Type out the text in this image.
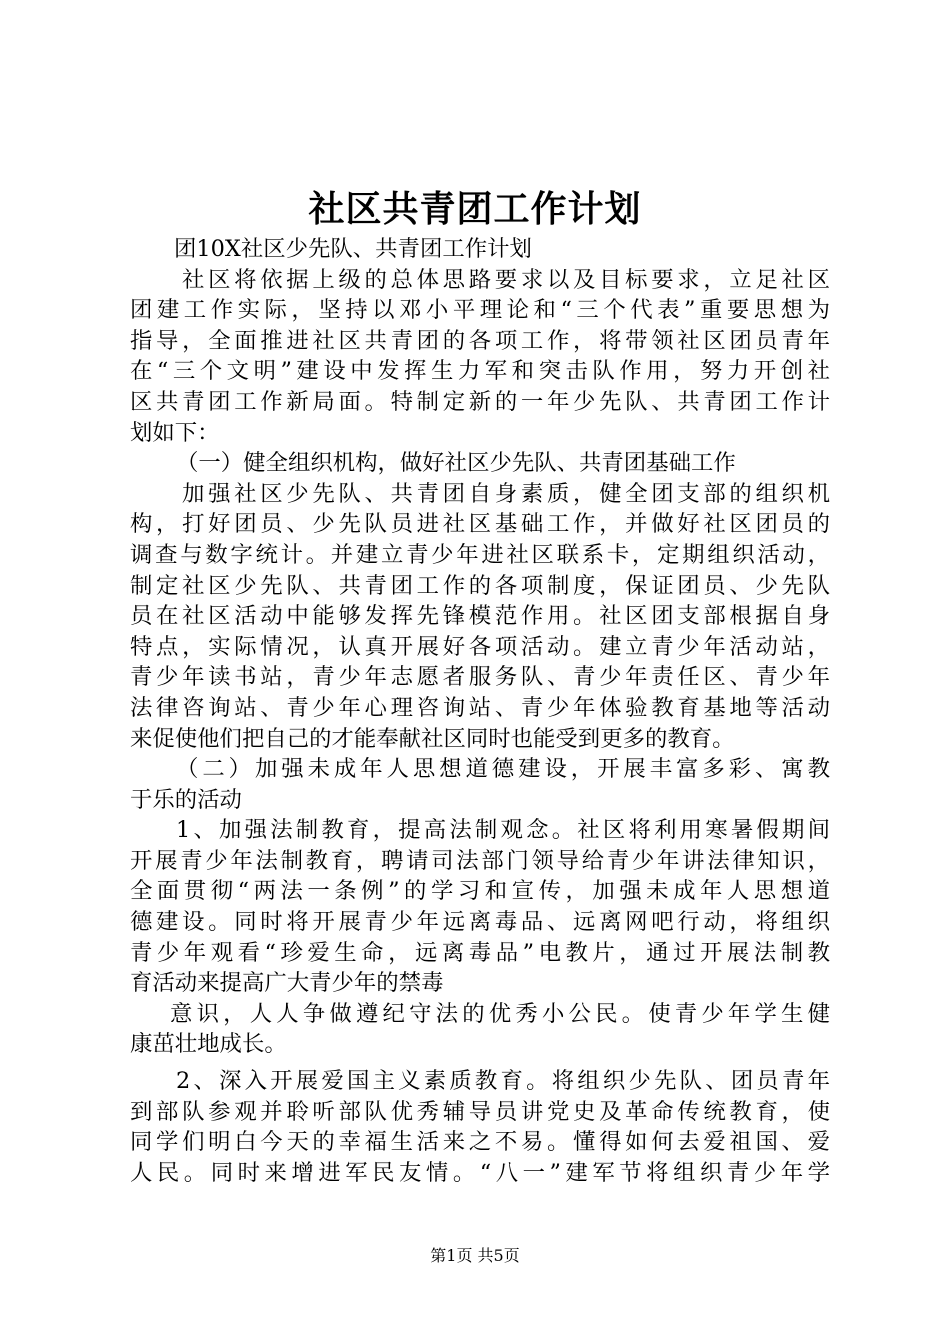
社区共青团工作计划
团10X社区少先队、共青团工作计划
社区将依据上级的总体思路要求以及目标要求，立足社区
团建工作实际，坚持以邓小平理论和“三个代表”重要思想为
指导，全面推进社区共青团的各项工作，将带领社区团员青年
在“三个文明”建设中发挥生力军和突击队作用，努力开创社
区共青团工作新局面。特制定新的一年少先队、共青团工作计
划如下：
（一）健全组织机构，做好社区少先队、共青团基础工作
加强社区少先队、共青团自身素质，健全团支部的组织机
构，打好团员、少先队员进社区基础工作，并做好社区团员的
调查与数字统计。并建立青少年进社区联系卡，定期组织活动，
制定社区少先队、共青团工作的各项制度，保证团员、少先队
员在社区活动中能够发挥先锋模范作用。社区团支部根据自身
特点，实际情况，认真开展好各项活动。建立青少年活动站，
青少年读书站，青少年志愿者服务队、青少年责任区、青少年
法律咨询站、青少年心理咨询站、青少年体验教育基地等活动
来促使他们把自己的才能奉献社区同时也能受到更多的教育。
（二）加强未成年人思想道德建设，开展丰富多彩、寓教
于乐的活动
1、加强法制教育，提高法制观念。社区将利用寒暑假期间
开展青少年法制教育，聘请司法部门领导给青少年讲法律知识，
全面贯彻“两法一条例”的学习和宣传，加强未成年人思想道
德建设。同时将开展青少年远离毒品、远离网吧行动，将组织
青少年观看“珍爱生命，远离毒品”电教片，通过开展法制教
育活动来提高广大青少年的禁毒
意识，人人争做遵纪守法的优秀小公民。使青少年学生健
康茁壮地成长。
2、深入开展爱国主义素质教育。将组织少先队、团员青年
到部队参观并聆听部队优秀辅导员讲党史及革命传统教育，使
同学们明白今天的幸福生活来之不易。懂得如何去爱祖国、爱
人民。同时来增进军民友情。“八一”建军节将组织青少年学
第1页 共5页
